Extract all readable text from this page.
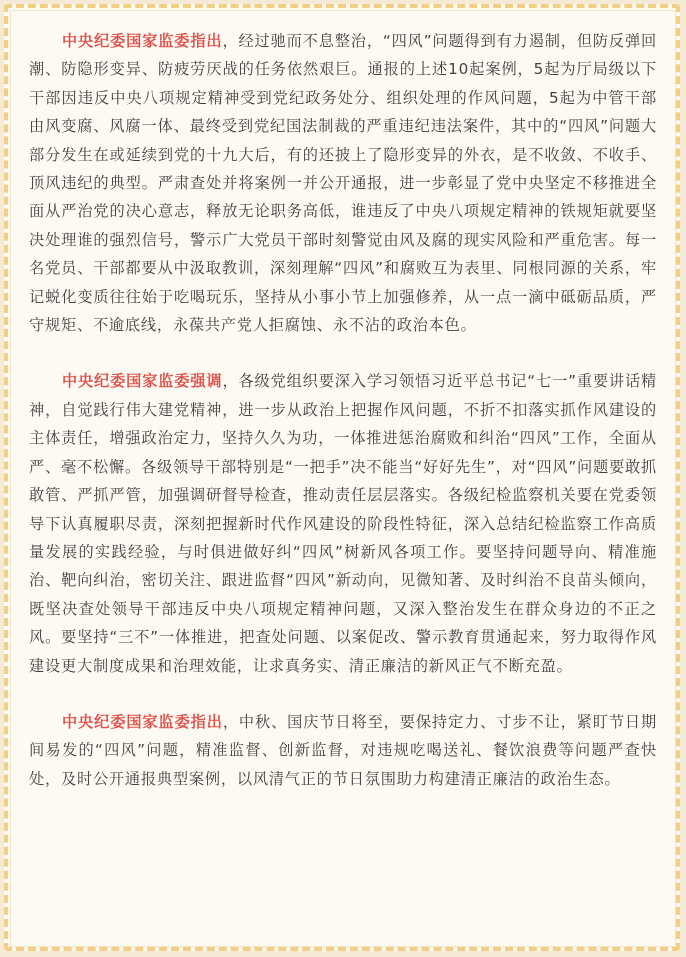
中央纪委国家监委指出，经过驰而不息整治，“四风”问题得到有力遏制，但防反弹回潮、防隐形变异、防疲劳厌战的任务依然艰巨。通报的上述10起案例，5起为厅局级以下干部因违反中央八项规定精神受到党纪政务处分、组织处理的作风问题，5起为中管干部由风变腐、风腐一体、最终受到党纪国法制裁的严重违纪违法案件，其中的“四风”问题大部分发生在或延续到党的十九大后，有的还披上了隐形变异的外衣，是不收敛、不收手、顶风违纪的典型。严肃查处并将案例一并公开通报，进一步彰显了党中央坚定不移推进全面从严治党的决心意志，释放无论职务高低，谁违反了中央八项规定精神的铁规矩就要坚决处理谁的强烈信号，警示广大党员干部时刻警觉由风及腐的现实风险和严重危害。每一名党员、干部都要从中汲取教训，深刻理解“四风”和腐败互为表里、同根同源的关系，牢记蜕化变质往往始于吃喝玩乐，坚持从小事小节上加强修养，从一点一滴中砥砺品质，严守规矩、不逾底线，永葆共产党人拒腐蚀、永不沾的政治本色。

中央纪委国家监委强调，各级党组织要深入学习领悟习近平总书记“七一”重要讲话精神，自觉践行伟大建党精神，进一步从政治上把握作风问题，不折不扣落实抓作风建设的主体责任，增强政治定力，坚持久久为功，一体推进惩治腐败和纠治“四风”工作，全面从严、毫不松懈。各级领导干部特别是“一把手”决不能当“好好先生”，对“四风”问题要敢抓敢管、严抓严管，加强调研督导检查，推动责任层层落实。各级纪检监察机关要在党委领导下认真履职尽责，深刻把握新时代作风建设的阶段性特征，深入总结纪检监察工作高质量发展的实践经验，与时俱进做好纠“四风”树新风各项工作。要坚持问题导向、精准施治、靶向纠治，密切关注、跟进监督“四风”新动向，见微知著、及时纠治不良苗头倾向，既坚决查处领导干部违反中央八项规定精神问题，又深入整治发生在群众身边的不正之风。要坚持“三不”一体推进，把查处问题、以案促改、警示教育贯通起来，努力取得作风建设更大制度成果和治理效能，让求真务实、清正廉洁的新风正气不断充盈。

中央纪委国家监委指出，中秋、国庆节日将至，要保持定力、寸步不让，紧盯节日期间易发的“四风”问题，精准监督、创新监督，对违规吃喝送礼、餐饮浪费等问题严查快处，及时公开通报典型案例，以风清气正的节日氛围助力构建清正廉洁的政治生态。
